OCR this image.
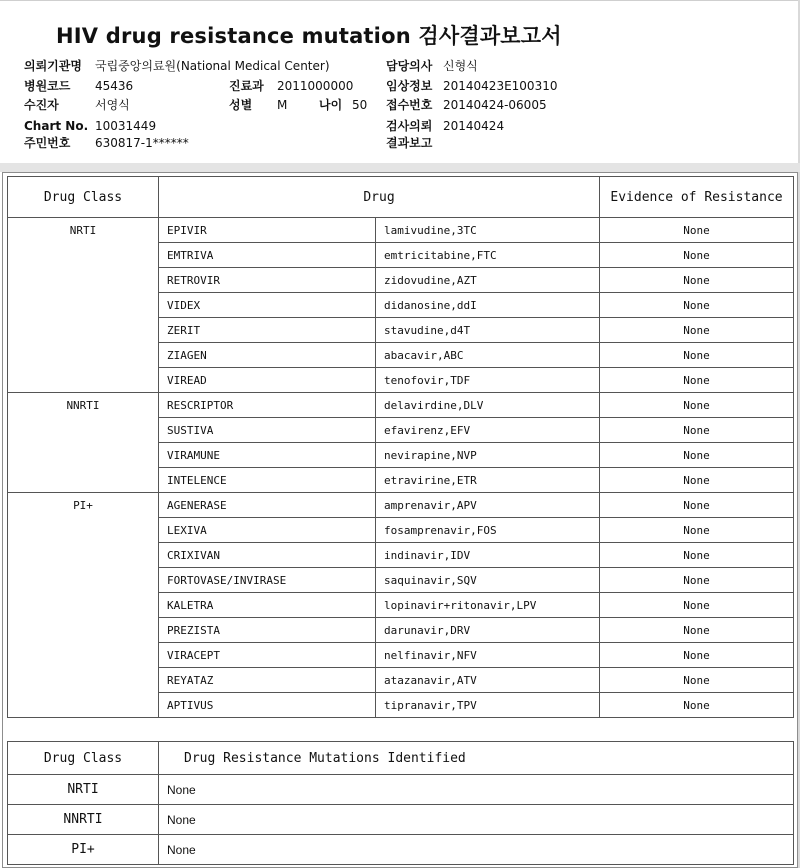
HIV drug resistance mutation 검사결과보고서
의뢰기관명 국립중앙의료원(National Medical Center)
병원코드 45436
수진자	서영식
Chart No. 10031449
주민번호 630817-1******
진료과 2011000000
성별 M	나이 50
담당의사 신형식
임상정보 20140423E100310
접수번호 20140424-06005
검사의뢰 20140424
결과보고
Drug Class	Drug		Evidence of Resistance
NRTI	EPIVIR	lamivudine,3TC	None
	EMTRIVA	emtricitabine,FTC	None
	RETROVIR	zidovudine,AZT	None
	VIDEX	didanosine,ddI	None
	ZERIT	stavudine,d4T	None
	ZIAGEN	abacavir,ABC	None
	VIREAD	tenofovir,TDF	None
NNRTI	RESCRIPTOR	delavirdine,DLV	None
	SUSTIVA	efavirenz,EFV	None
	VIRAMUNE	nevirapine,NVP	None
	INTELENCE	etravirine,ETR	None
PI+	AGENERASE	amprenavir,APV	None
	LEXIVA	fosamprenavir,FOS	None
	CRIXIVAN	indinavir,IDV	None
	FORTOVASE/INVIRASE	saquinavir,SQV	None
	KALETRA	lopinavir+ritonavir,LPV	None
	PREZISTA	darunavir,DRV	None
	VIRACEPT	nelfinavir,NFV	None
	REYATAZ	atazanavir,ATV	None
	APTIVUS	tipranavir,TPV	None
Drug Class	Drug Resistance Mutations Identified
NRTI	None
NNRTI	None
PI+	None
